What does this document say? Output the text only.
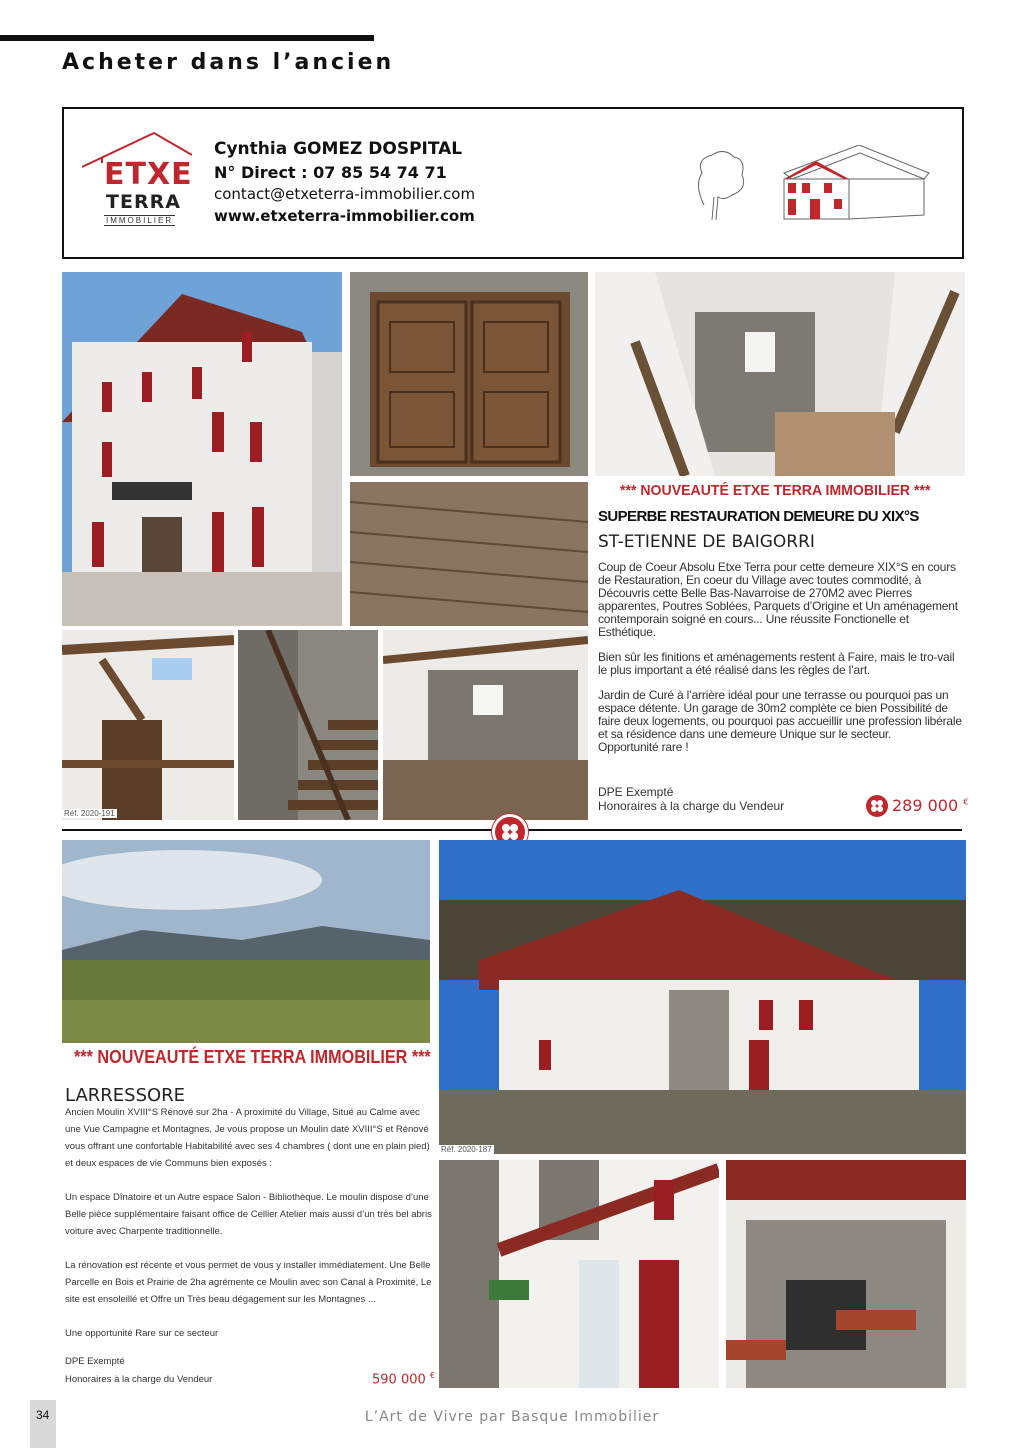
Acheter dans l’ancien
ETXE
TERRA
IMMOBILIER
Cynthia GOMEZ DOSPITAL
N° Direct : 07 85 54 74 71
contact@etxeterra-immobilier.com
www.etxeterra-immobilier.com
Réf. 2020-191
*** NOUVEAUTÉ ETXE TERRA IMMOBILIER ***
SUPERBE RESTAURATION DEMEURE DU XIX°S
ST-ETIENNE DE BAIGORRI

Coup de Coeur Absolu Etxe Terra pour cette demeure XIX°S en cours de Restauration, En coeur du Village avec toutes commodité, à Découvris cette Belle Bas-Navarroise de 270M2 avec Pierres apparentes, Poutres Soblées, Parquets d’Origine et Un aménagement contemporain soigné en cours... Une réussite Fonctionelle et Esthétique.

Bien sûr les finitions et aménagements restent à Faire, mais le tro-vail le plus important a été réalisé dans les règles de l’art.

Jardin de Curé à l’arrière idéal pour une terrasse ou pourquoi pas un espace détente. Un garage de 30m2 complète ce bien Possibilité de faire deux logements, ou pourquoi pas accueillir une profession libérale et sa résidence dans une demeure Unique sur le secteur.

Opportunité rare !

DPE Exempté
Honoraires à la charge du Vendeur	289 000 €
Réf. 2020-187
*** NOUVEAUTÉ ETXE TERRA IMMOBILIER ***
LARRESSORE

Ancien Moulin XVIII°S Rénové sur 2ha - A proximité du Village, Situé au Calme avec une Vue Campagne et Montagnes, Je vous propose un Moulin daté XVIII°S et Rénové vous offrant une confortable Habitabilité avec ses 4 chambres ( dont une en plain pied) et deux espaces de vie Communs bien exposés :

Un espace Dînatoire et un Autre espace Salon - Bibliothèque. Le moulin dispose d’une Belle pièce supplémentaire faisant office de Cellier Atelier mais aussi d’un très bel abris voiture avec Charpente traditionnelle.

La rénovation est récente et vous permet de vous y installer immédiatement. Une Belle Parcelle en Bois et Prairie de 2ha agrémente ce Moulin avec son Canal à Proximité, Le site est ensoleillé et Offre un Très beau dégagement sur les Montagnes ...

Une opportunité Rare sur ce secteur

DPE Exempté
Honoraires à la charge du Vendeur	590 000 €
34	L’Art de Vivre par Basque Immobilier
